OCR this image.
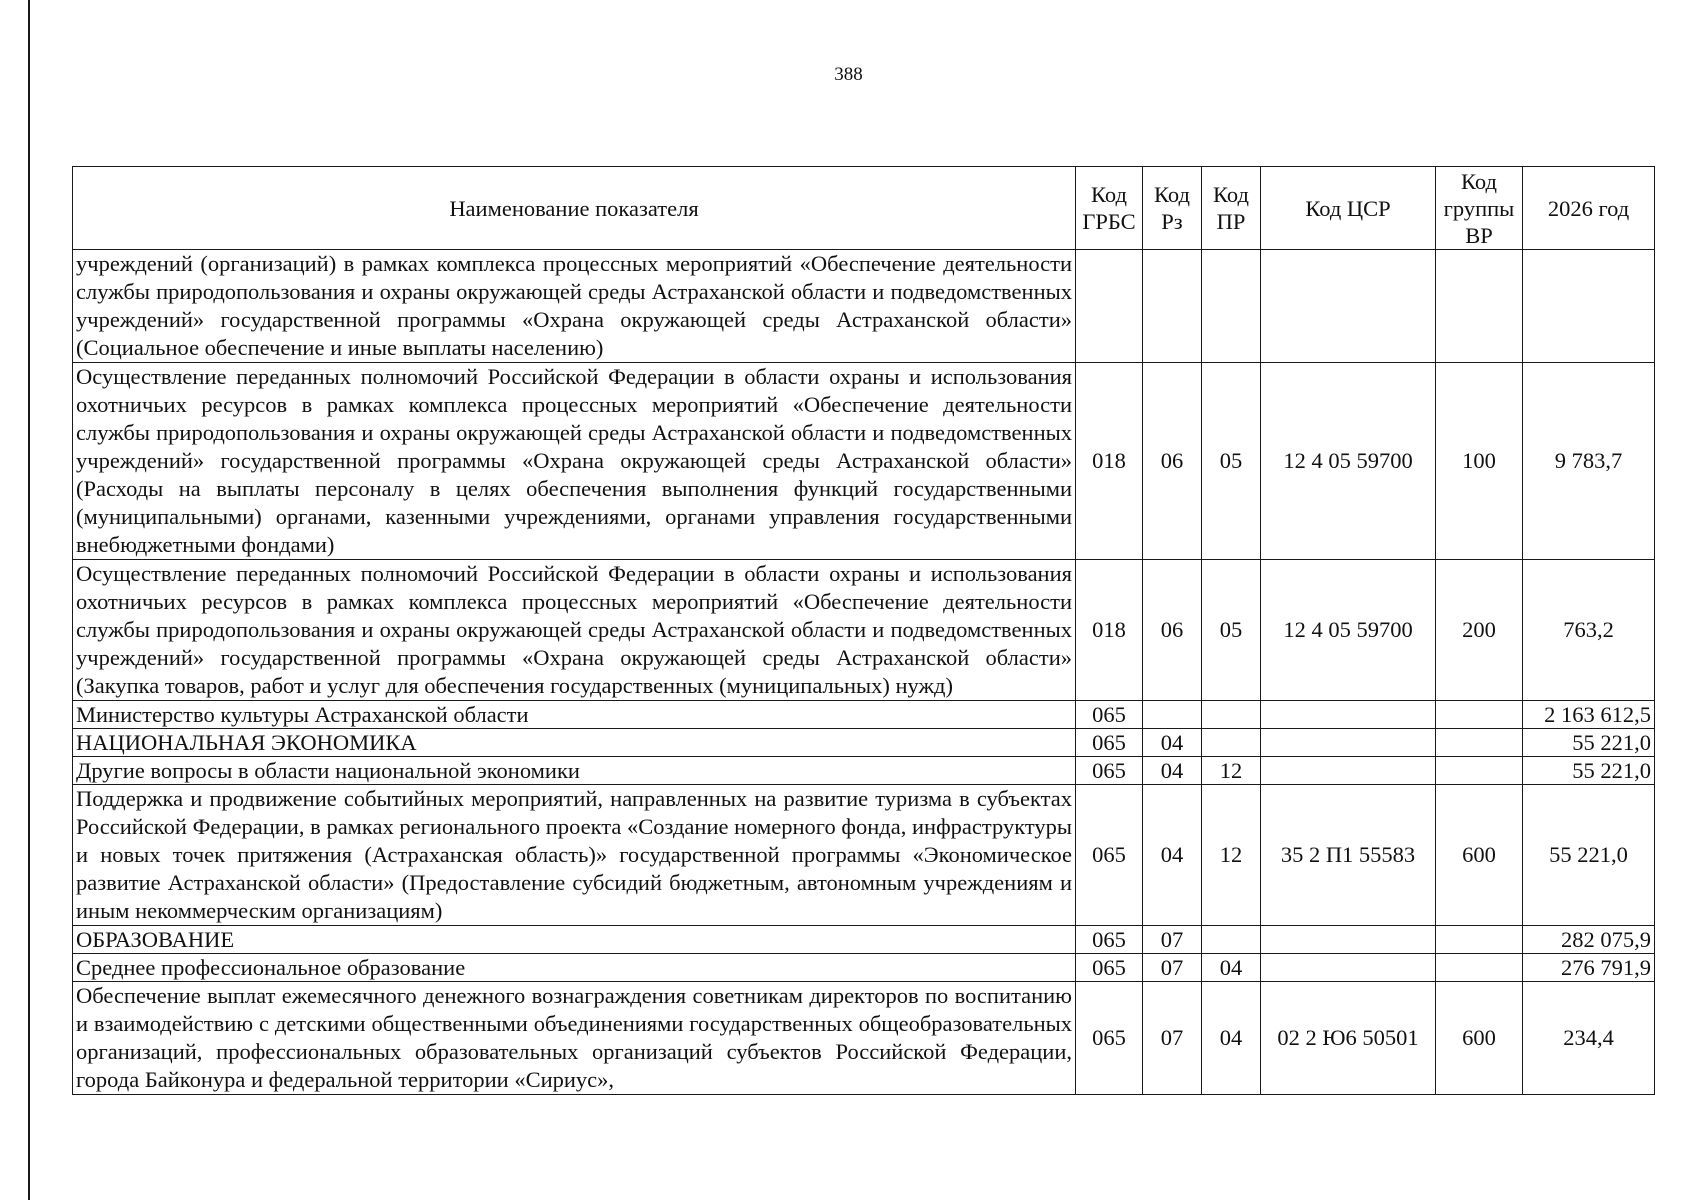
388
Наименование показателя	Код ГРБС	Код Рз	Код ПР	Код ЦСР	Код группы ВР	2026 год
учреждений (организаций) в рамках комплекса процессных мероприятий «Обеспечение деятельности службы природопользования и охраны окружающей среды Астраханской области и подведомственных учреждений» государственной программы «Охрана окружающей среды Астраханской области» (Социальное обеспечение и иные выплаты населению)						
Осуществление переданных полномочий Российской Федерации в области охраны и использования охотничьих ресурсов в рамках комплекса процессных мероприятий «Обеспечение деятельности службы природопользования и охраны окружающей среды Астраханской области и подведомственных учреждений» государственной программы «Охрана окружающей среды Астраханской области» (Расходы на выплаты персоналу в целях обеспечения выполнения функций государственными (муниципальными) органами, казенными учреждениями, органами управления государственными внебюджетными фондами)	018	06	05	12 4 05 59700	100	9 783,7
Осуществление переданных полномочий Российской Федерации в области охраны и использования охотничьих ресурсов в рамках комплекса процессных мероприятий «Обеспечение деятельности службы природопользования и охраны окружающей среды Астраханской области и подведомственных учреждений» государственной программы «Охрана окружающей среды Астраханской области» (Закупка товаров, работ и услуг для обеспечения государственных (муниципальных) нужд)	018	06	05	12 4 05 59700	200	763,2
Министерство культуры Астраханской области	065					2 163 612,5
НАЦИОНАЛЬНАЯ ЭКОНОМИКА	065	04				55 221,0
Другие вопросы в области национальной экономики	065	04	12			55 221,0
Поддержка и продвижение событийных мероприятий, направленных на развитие туризма в субъектах Российской Федерации, в рамках регионального проекта «Создание номерного фонда, инфраструктуры и новых точек притяжения (Астраханская область)» государственной программы «Экономическое развитие Астраханской области» (Предоставление субсидий бюджетным, автономным учреждениям и иным некоммерческим организациям)	065	04	12	35 2 П1 55583	600	55 221,0
ОБРАЗОВАНИЕ	065	07				282 075,9
Среднее профессиональное образование	065	07	04			276 791,9
Обеспечение выплат ежемесячного денежного вознаграждения советникам директоров по воспитанию и взаимодействию с детскими общественными объединениями государственных общеобразовательных организаций, профессиональных образовательных организаций субъектов Российской Федерации, города Байконура и федеральной территории «Сириус»,	065	07	04	02 2 Ю6 50501	600	234,4
